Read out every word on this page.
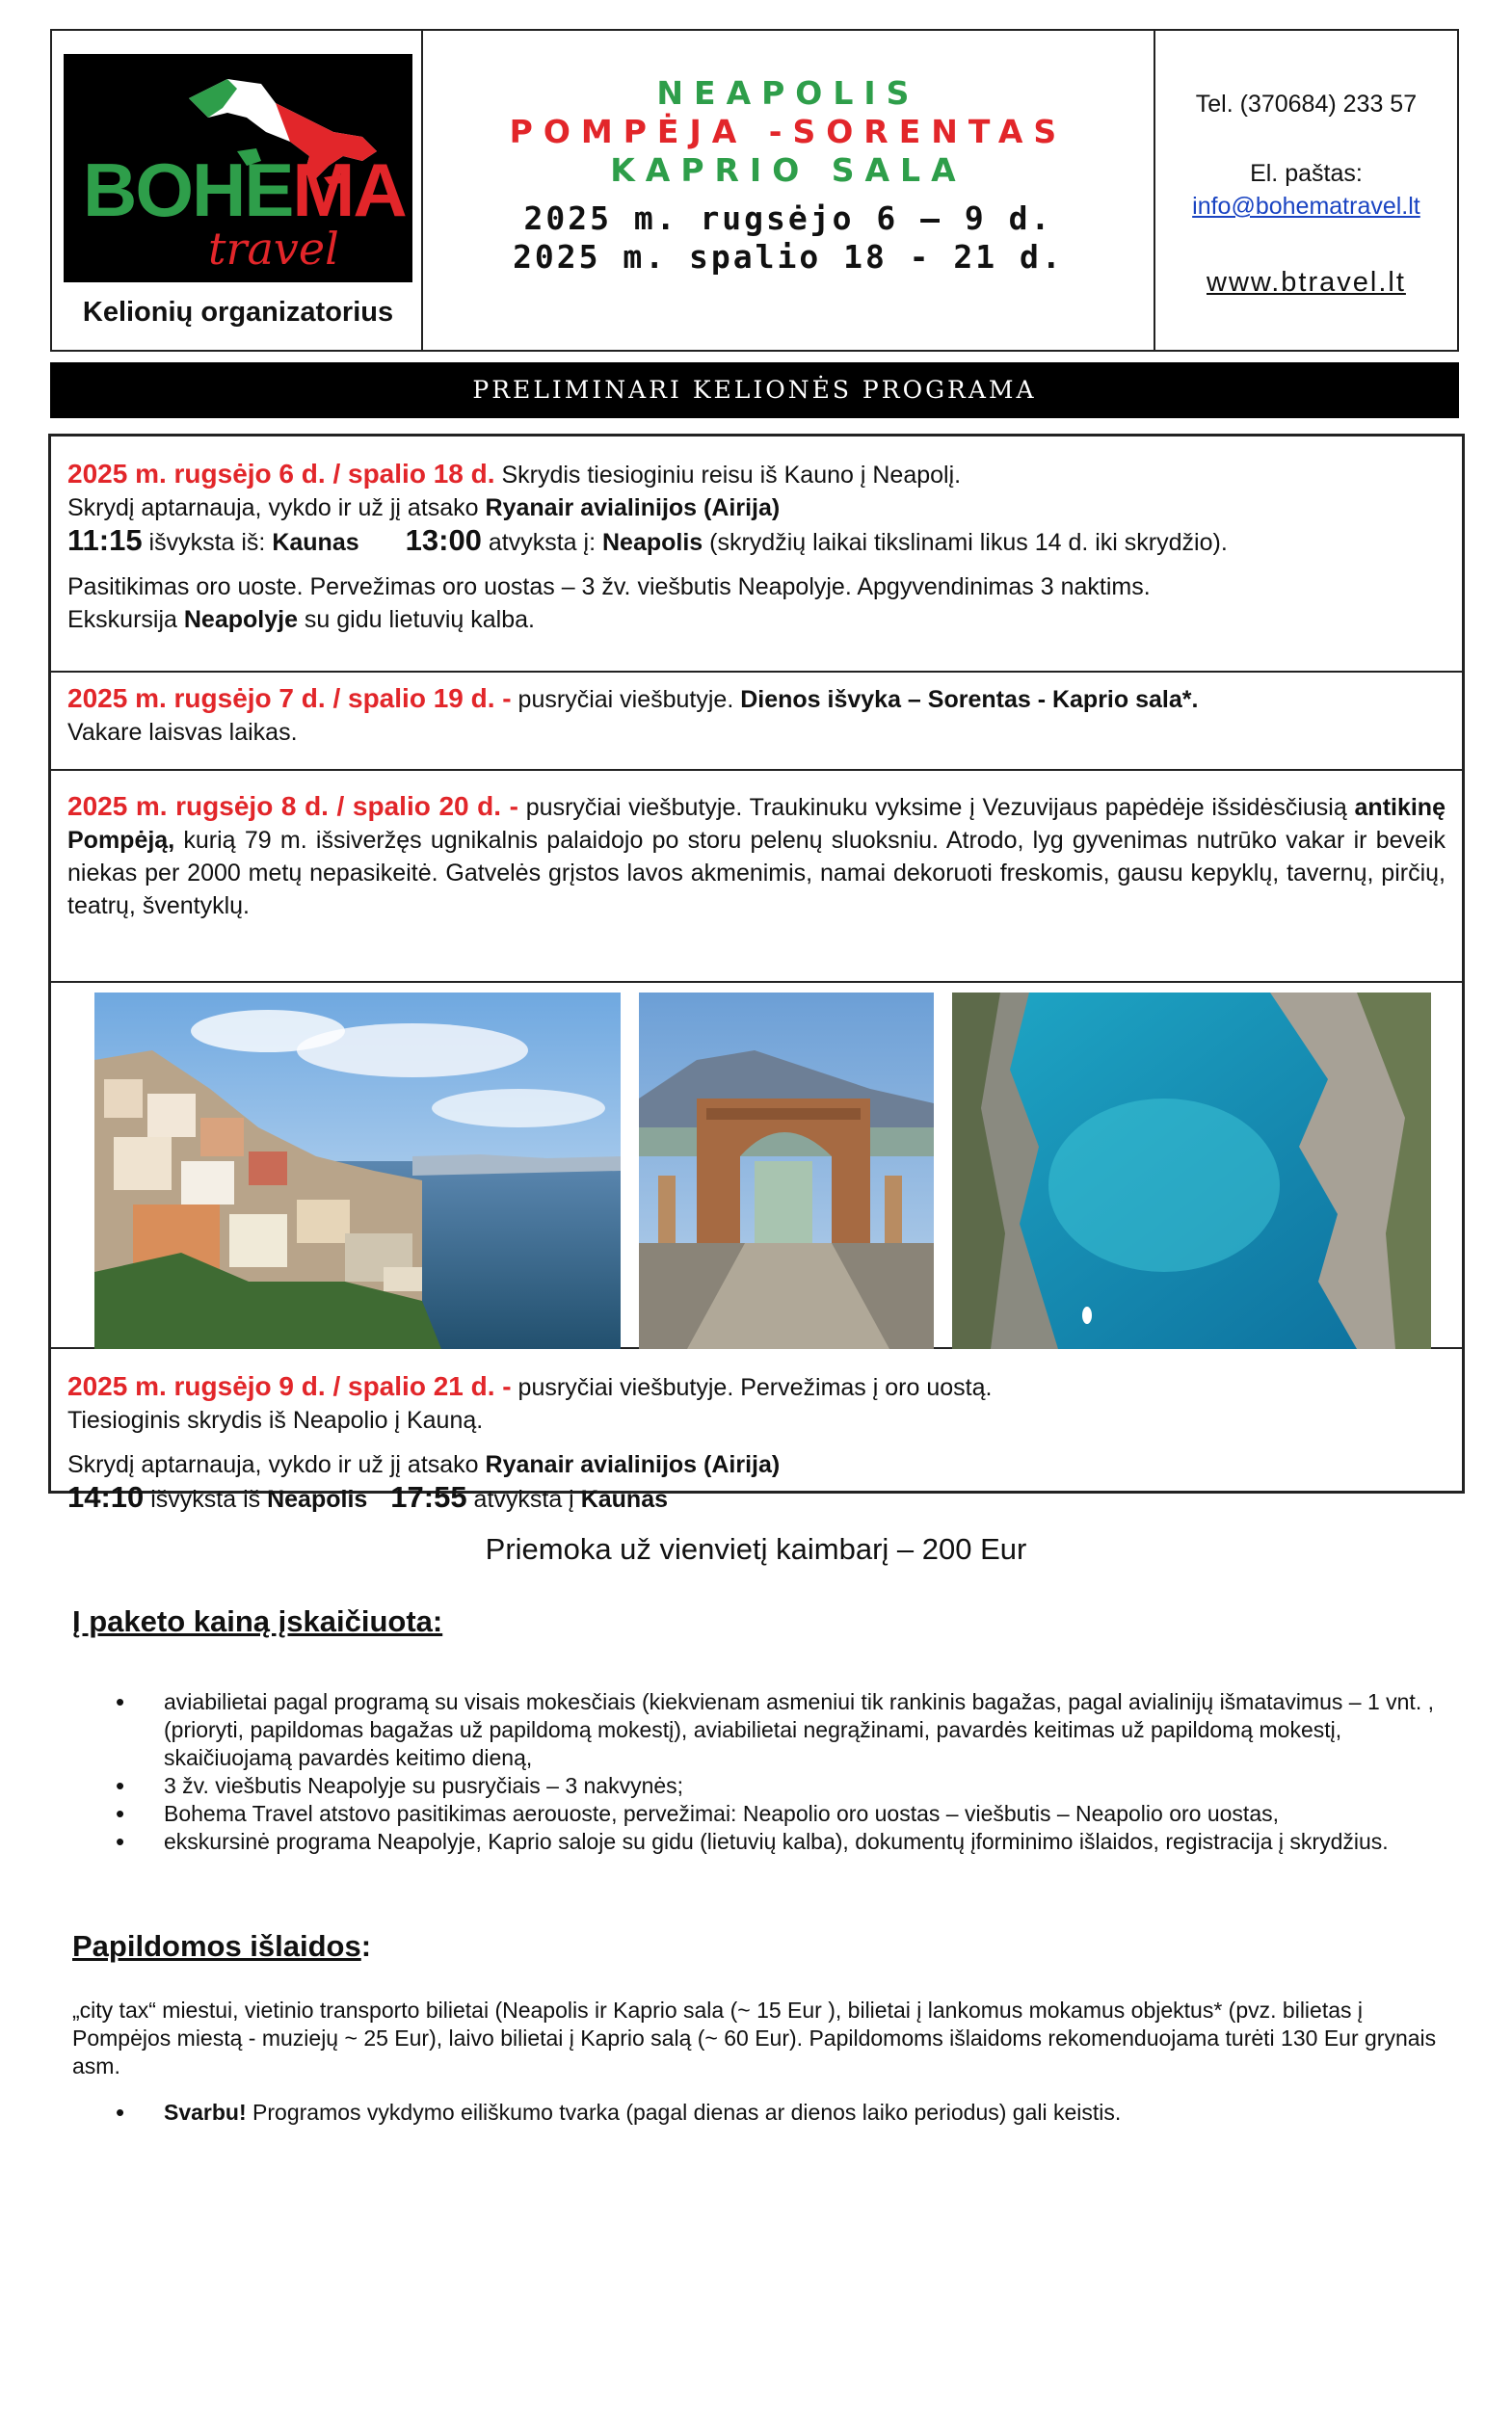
BOHEMA
travel
Kelionių organizatorius
NEAPOLIS
POMPĖJA -SORENTAS
KAPRIO SALA
2025 m. rugsėjo 6 – 9 d.
2025 m. spalio 18 - 21 d.
Tel. (370684) 233 57
El. paštas:
info@bohematravel.lt
www.btravel.lt
PRELIMINARI KELIONĖS PROGRAMA
2025 m. rugsėjo 6 d. / spalio 18 d. Skrydis tiesioginiu reisu iš Kauno į Neapolį.
Skrydį aptarnauja, vykdo ir už jį atsako Ryanair avialinijos (Airija)
11:15 išvyksta iš: Kaunas 13:00 atvyksta į: Neapolis (skrydžių laikai tikslinami likus 14 d. iki skrydžio).
Pasitikimas oro uoste. Pervežimas oro uostas – 3 žv. viešbutis Neapolyje. Apgyvendinimas 3 naktims.
Ekskursija Neapolyje su gidu lietuvių kalba.
2025 m. rugsėjo 7 d. / spalio 19 d. - pusryčiai viešbutyje. Dienos išvyka – Sorentas - Kaprio sala*.
Vakare laisvas laikas.
2025 m. rugsėjo 8 d. / spalio 20 d. - pusryčiai viešbutyje. Traukinuku vyksime į Vezuvijaus papėdėje išsidėsčiusią antikinę Pompėją, kurią 79 m. išsiveržęs ugnikalnis palaidojo po storu pelenų sluoksniu. Atrodo, lyg gyvenimas nutrūko vakar ir beveik niekas per 2000 metų nepasikeitė. Gatvelės grįstos lavos akmenimis, namai dekoruoti freskomis, gausu kepyklų, tavernų, pirčių, teatrų, šventyklų.
2025 m. rugsėjo 9 d. / spalio 21 d. - pusryčiai viešbutyje. Pervežimas į oro uostą.
Tiesioginis skrydis iš Neapolio į Kauną.
Skrydį aptarnauja, vykdo ir už jį atsako Ryanair avialinijos (Airija)
14:10 išvyksta iš Neapolis 17:55 atvyksta į Kaunas
Priemoka už vienvietį kaimbarį – 200 Eur
Į paketo kainą įskaičiuota:
• aviabilietai pagal programą su visais mokesčiais (kiekvienam asmeniui tik rankinis bagažas, pagal avialinijų išmatavimus – 1 vnt. , (prioryti, papildomas bagažas už papildomą mokestį), aviabilietai negrąžinami, pavardės keitimas už papildomą mokestį, skaičiuojamą pavardės keitimo dieną,
• 3 žv. viešbutis Neapolyje su pusryčiais – 3 nakvynės;
• Bohema Travel atstovo pasitikimas aerouoste, pervežimai: Neapolio oro uostas – viešbutis – Neapolio oro uostas,
• ekskursinė programa Neapolyje, Kaprio saloje su gidu (lietuvių kalba), dokumentų įforminimo išlaidos, registracija į skrydžius.
Papildomos išlaidos:
„city tax“ miestui, vietinio transporto bilietai (Neapolis ir Kaprio sala (~ 15 Eur ), bilietai į lankomus mokamus objektus* (pvz. bilietas į Pompėjos miestą - muziejų ~ 25 Eur), laivo bilietai į Kaprio salą (~ 60 Eur). Papildomoms išlaidoms rekomenduojama turėti 130 Eur grynais asm.
• Svarbu! Programos vykdymo eiliškumo tvarka (pagal dienas ar dienos laiko periodus) gali keistis.
